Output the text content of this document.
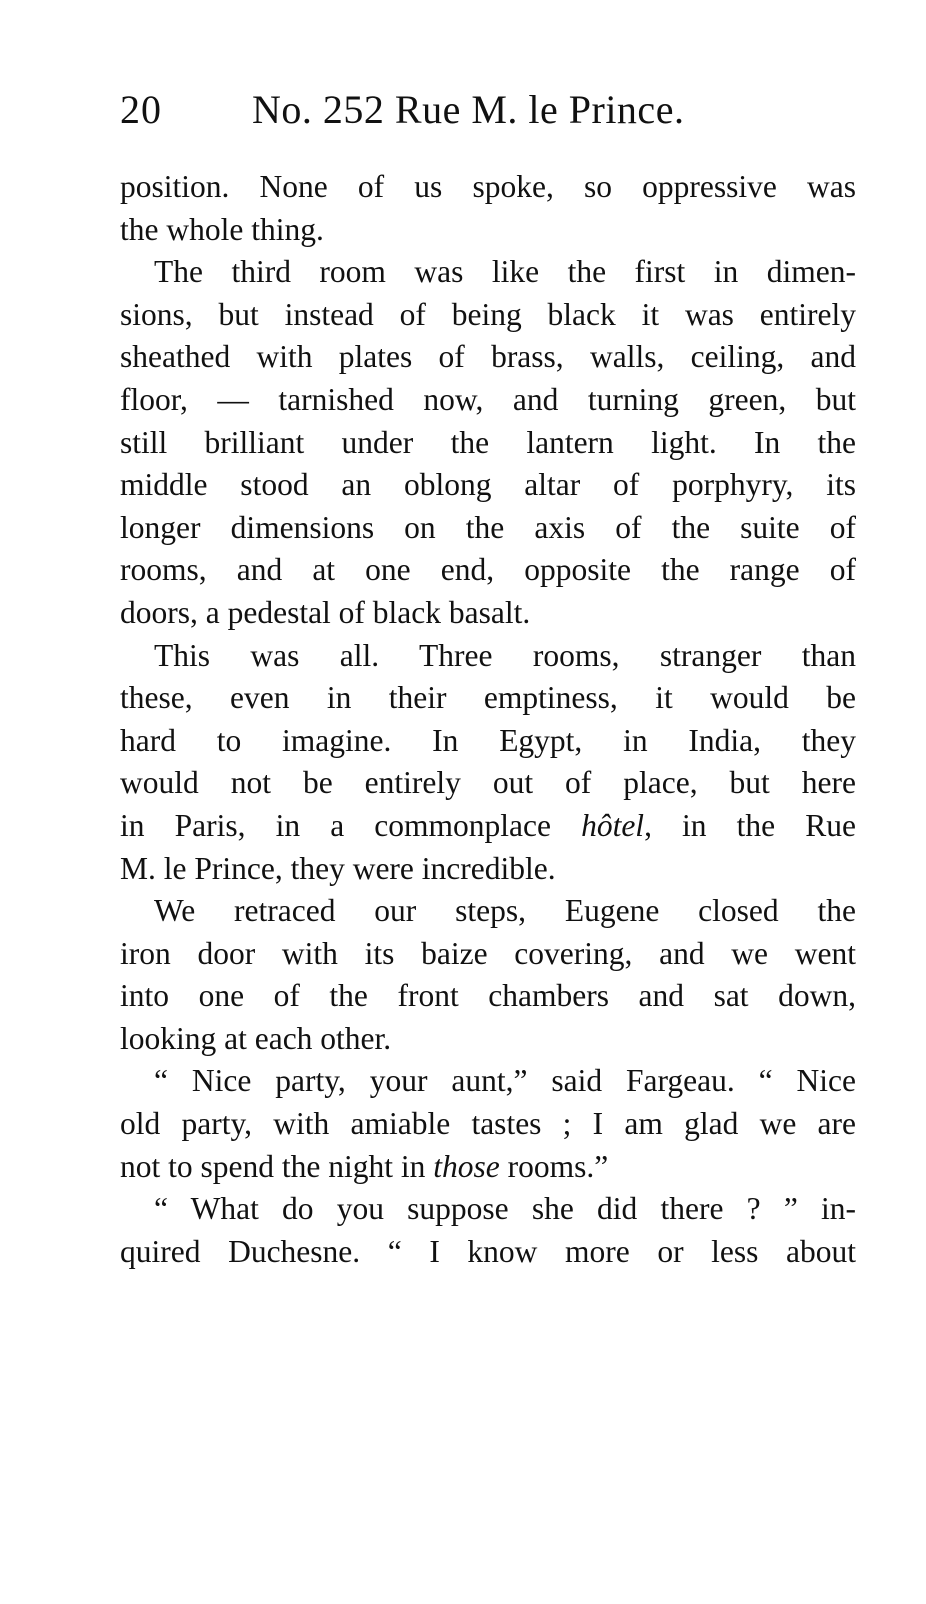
20 No. 252 Rue M. le Prince.
position. None of us spoke, so oppressive was
the whole thing.
The third room was like the first in dimen-
sions, but instead of being black it was entirely
sheathed with plates of brass, walls, ceiling, and
floor, — tarnished now, and turning green, but
still brilliant under the lantern light. In the
middle stood an oblong altar of porphyry, its
longer dimensions on the axis of the suite of
rooms, and at one end, opposite the range of
doors, a pedestal of black basalt.
This was all. Three rooms, stranger than
these, even in their emptiness, it would be
hard to imagine. In Egypt, in India, they
would not be entirely out of place, but here
in Paris, in a commonplace hôtel, in the Rue
M. le Prince, they were incredible.
We retraced our steps, Eugene closed the
iron door with its baize covering, and we went
into one of the front chambers and sat down,
looking at each other.
“ Nice party, your aunt,” said Fargeau. “ Nice
old party, with amiable tastes ; I am glad we are
not to spend the night in those rooms.”
“ What do you suppose she did there ? ” in-
quired Duchesne. “ I know more or less about
